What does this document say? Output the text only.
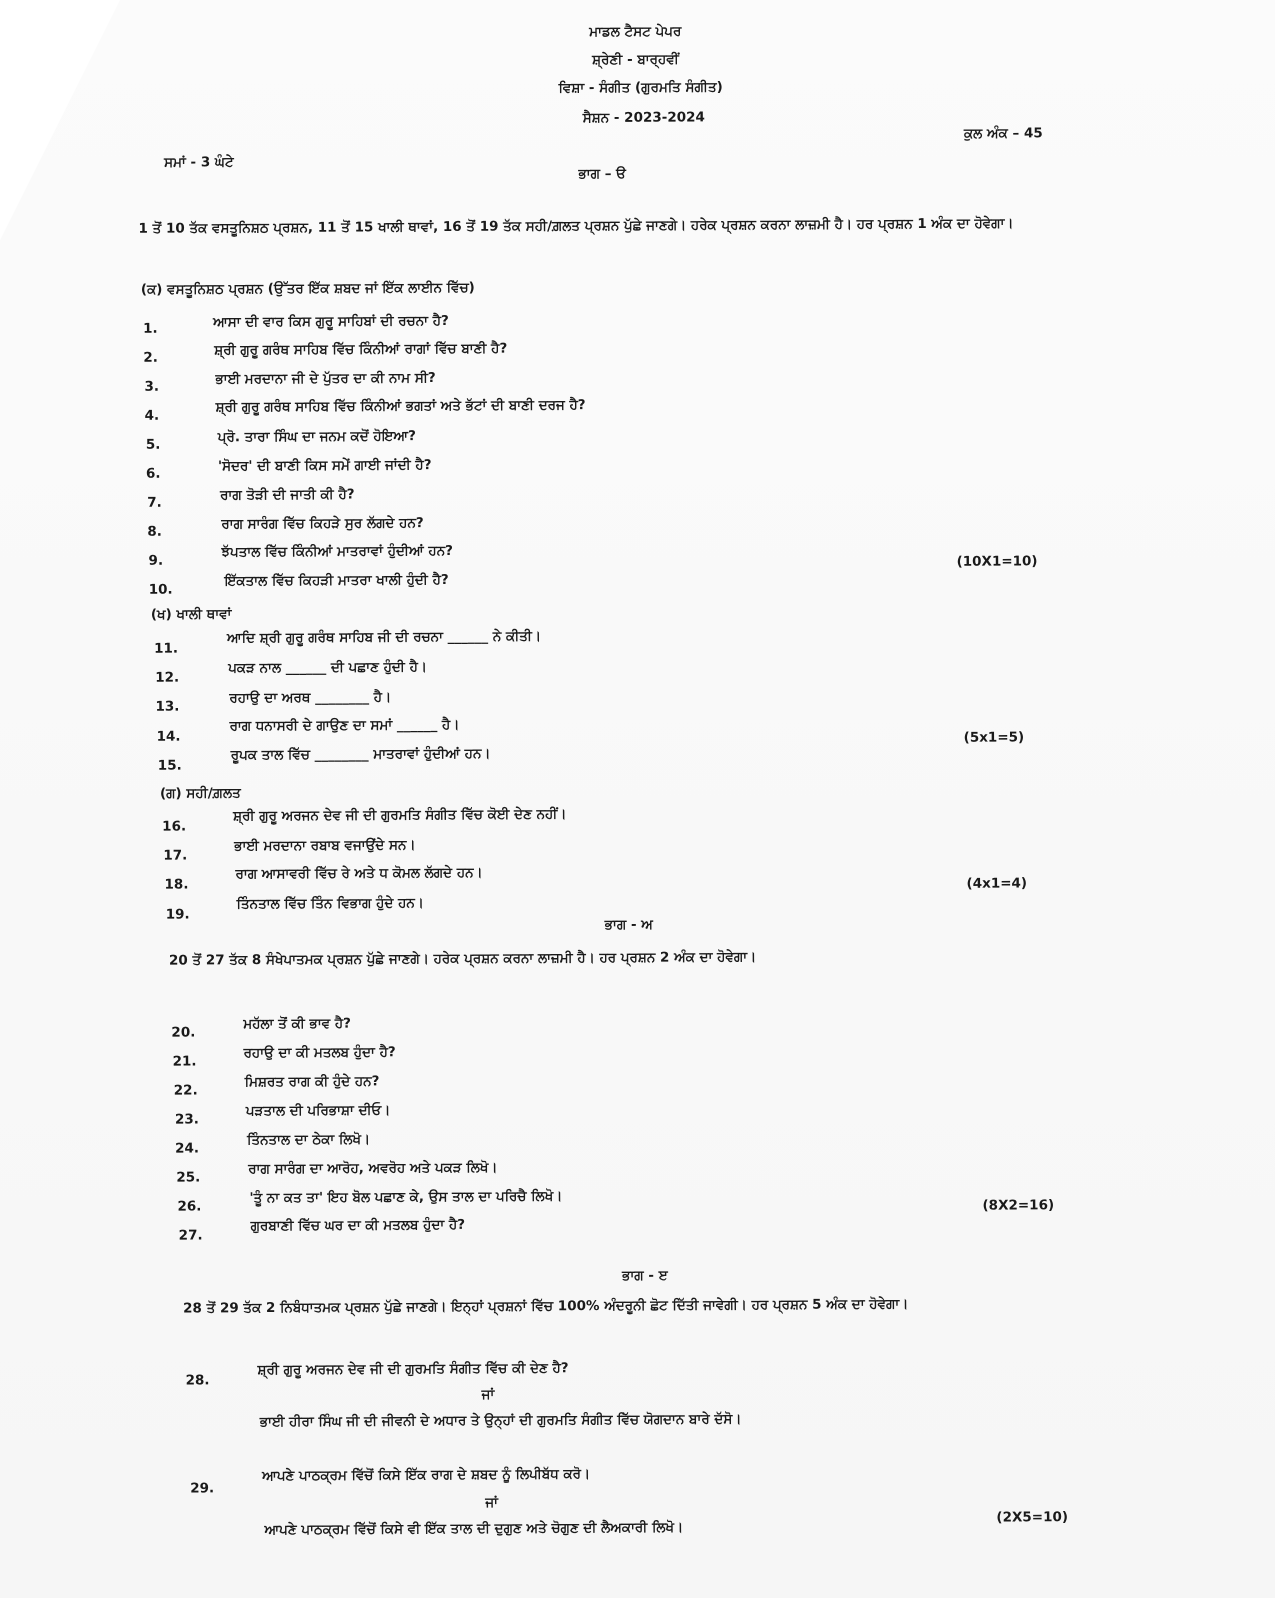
ਮਾਡਲ ਟੈਸਟ ਪੇਪਰ
ਸ਼੍ਰੇਣੀ - ਬਾਰ੍ਹਵੀਂ
ਵਿਸ਼ਾ - ਸੰਗੀਤ (ਗੁਰਮਤਿ ਸੰਗੀਤ)
ਸੈਸ਼ਨ - 2023-2024
ਕੁਲ ਅੰਕ – 45
ਸਮਾਂ - 3 ਘੰਟੇ
ਭਾਗ – ੳ
1 ਤੋਂ 10 ਤੱਕ ਵਸਤੂਨਿਸ਼ਠ ਪ੍ਰਸ਼ਨ, 11 ਤੋਂ 15 ਖਾਲੀ ਥਾਵਾਂ, 16 ਤੋਂ 19 ਤੱਕ ਸਹੀ/ਗ਼ਲਤ ਪ੍ਰਸ਼ਨ ਪੁੱਛੇ ਜਾਣਗੇ। ਹਰੇਕ ਪ੍ਰਸ਼ਨ ਕਰਨਾ ਲਾਜ਼ਮੀ ਹੈ। ਹਰ ਪ੍ਰਸ਼ਨ 1 ਅੰਕ ਦਾ ਹੋਵੇਗਾ।
(ਕ) ਵਸਤੂਨਿਸ਼ਠ ਪ੍ਰਸ਼ਨ (ਉੱਤਰ ਇੱਕ ਸ਼ਬਦ ਜਾਂ ਇੱਕ ਲਾਈਨ ਵਿੱਚ)
1.	ਆਸਾ ਦੀ ਵਾਰ ਕਿਸ ਗੁਰੂ ਸਾਹਿਬਾਂ ਦੀ ਰਚਨਾ ਹੈ?
2.	ਸ਼੍ਰੀ ਗੁਰੂ ਗਰੰਥ ਸਾਹਿਬ ਵਿੱਚ ਕਿੰਨੀਆਂ ਰਾਗਾਂ ਵਿੱਚ ਬਾਣੀ ਹੈ?
3.	ਭਾਈ ਮਰਦਾਨਾ ਜੀ ਦੇ ਪੁੱਤਰ ਦਾ ਕੀ ਨਾਮ ਸੀ?
4.
ਸ਼੍ਰੀ ਗੁਰੂ ਗਰੰਥ ਸਾਹਿਬ ਵਿੱਚ ਕਿੰਨੀਆਂ ਭਗਤਾਂ ਅਤੇ ਭੱਟਾਂ ਦੀ ਬਾਣੀ ਦਰਜ ਹੈ?
5.	ਪ੍ਰੋ. ਤਾਰਾ ਸਿੰਘ ਦਾ ਜਨਮ ਕਦੋਂ ਹੋਇਆ?
6.	'ਸੋਦਰ' ਦੀ ਬਾਣੀ ਕਿਸ ਸਮੇਂ ਗਾਈ ਜਾਂਦੀ ਹੈ?
7.	ਰਾਗ ਤੋੜੀ ਦੀ ਜਾਤੀ ਕੀ ਹੈ?
8.	ਰਾਗ ਸਾਰੰਗ ਵਿੱਚ ਕਿਹੜੇ ਸੁਰ ਲੱਗਦੇ ਹਨ?
9.
ਝੱਪਤਾਲ ਵਿੱਚ ਕਿੰਨੀਆਂ ਮਾਤਰਾਵਾਂ ਹੁੰਦੀਆਂ ਹਨ?
10.
ਇੱਕਤਾਲ ਵਿੱਚ ਕਿਹੜੀ ਮਾਤਰਾ ਖਾਲੀ ਹੁੰਦੀ ਹੈ?
(10X1=10)
(ਖ) ਖਾਲੀ ਥਾਵਾਂ
11.
ਆਦਿ ਸ਼੍ਰੀ ਗੁਰੂ ਗਰੰਥ ਸਾਹਿਬ ਜੀ ਦੀ ਰਚਨਾ ______ ਨੇ ਕੀਤੀ।
12.
ਪਕੜ ਨਾਲ ______ ਦੀ ਪਛਾਣ ਹੁੰਦੀ ਹੈ।
13.
ਰਹਾਉ ਦਾ ਅਰਥ ________ ਹੈ।
14.
ਰਾਗ ਧਨਾਸਰੀ ਦੇ ਗਾਉਣ ਦਾ ਸਮਾਂ ______ ਹੈ।
15.
ਰੂਪਕ ਤਾਲ ਵਿੱਚ ________ ਮਾਤਰਾਵਾਂ ਹੁੰਦੀਆਂ ਹਨ।
(5x1=5)
(ਗ) ਸਹੀ/ਗ਼ਲਤ
16.
ਸ਼੍ਰੀ ਗੁਰੂ ਅਰਜਨ ਦੇਵ ਜੀ ਦੀ ਗੁਰਮਤਿ ਸੰਗੀਤ ਵਿੱਚ ਕੋਈ ਦੇਣ ਨਹੀਂ।
17.
ਭਾਈ ਮਰਦਾਨਾ ਰਬਾਬ ਵਜਾਉਂਦੇ ਸਨ।
18.
ਰਾਗ ਆਸਾਵਰੀ ਵਿੱਚ ਰੇ ਅਤੇ ਧ ਕੋਮਲ ਲੱਗਦੇ ਹਨ।
19.
ਤਿੰਨਤਾਲ ਵਿੱਚ ਤਿੰਨ ਵਿਭਾਗ ਹੁੰਦੇ ਹਨ।
(4x1=4)
ਭਾਗ - ਅ
20 ਤੋਂ 27 ਤੱਕ 8 ਸੰਖੇਪਾਤਮਕ ਪ੍ਰਸ਼ਨ ਪੁੱਛੇ ਜਾਣਗੇ। ਹਰੇਕ ਪ੍ਰਸ਼ਨ ਕਰਨਾ ਲਾਜ਼ਮੀ ਹੈ। ਹਰ ਪ੍ਰਸ਼ਨ 2 ਅੰਕ ਦਾ ਹੋਵੇਗਾ।
20.
ਮਹੱਲਾ ਤੋਂ ਕੀ ਭਾਵ ਹੈ?
21.
ਰਹਾਉ ਦਾ ਕੀ ਮਤਲਬ ਹੁੰਦਾ ਹੈ?
22.
ਮਿਸ਼ਰਤ ਰਾਗ ਕੀ ਹੁੰਦੇ ਹਨ?
23.
ਪੜਤਾਲ ਦੀ ਪਰਿਭਾਸ਼ਾ ਦੀਓ।
24.
ਤਿੰਨਤਾਲ ਦਾ ਠੇਕਾ ਲਿਖੋ।
25.
ਰਾਗ ਸਾਰੰਗ ਦਾ ਆਰੋਹ, ਅਵਰੋਹ ਅਤੇ ਪਕੜ ਲਿਖੋ।
26.
'ਤੂੰ ਨਾ ਕਤ ਤਾ' ਇਹ ਬੋਲ ਪਛਾਣ ਕੇ, ਉਸ ਤਾਲ ਦਾ ਪਰਿਚੈ ਲਿਖੋ।
27.
ਗੁਰਬਾਣੀ ਵਿੱਚ ਘਰ ਦਾ ਕੀ ਮਤਲਬ ਹੁੰਦਾ ਹੈ?
(8X2=16)
ਭਾਗ - ੲ
28 ਤੋਂ 29 ਤੱਕ 2 ਨਿਬੰਧਾਤਮਕ ਪ੍ਰਸ਼ਨ ਪੁੱਛੇ ਜਾਣਗੇ। ਇਨ੍ਹਾਂ ਪ੍ਰਸ਼ਨਾਂ ਵਿੱਚ 100% ਅੰਦਰੂਨੀ ਛੋਟ ਦਿੱਤੀ ਜਾਵੇਗੀ। ਹਰ ਪ੍ਰਸ਼ਨ 5 ਅੰਕ ਦਾ ਹੋਵੇਗਾ।
28.
ਸ਼੍ਰੀ ਗੁਰੂ ਅਰਜਨ ਦੇਵ ਜੀ ਦੀ ਗੁਰਮਤਿ ਸੰਗੀਤ ਵਿੱਚ ਕੀ ਦੇਣ ਹੈ?
ਜਾਂ
ਭਾਈ ਹੀਰਾ ਸਿੰਘ ਜੀ ਦੀ ਜੀਵਨੀ ਦੇ ਅਧਾਰ ਤੇ ਉਨ੍ਹਾਂ ਦੀ ਗੁਰਮਤਿ ਸੰਗੀਤ ਵਿੱਚ ਯੋਗਦਾਨ ਬਾਰੇ ਦੱਸੋ।
29.
ਆਪਣੇ ਪਾਠਕ੍ਰਮ ਵਿੱਚੋਂ ਕਿਸੇ ਇੱਕ ਰਾਗ ਦੇ ਸ਼ਬਦ ਨੂੰ ਲਿਪੀਬੱਧ ਕਰੋ।
ਜਾਂ
ਆਪਣੇ ਪਾਠਕ੍ਰਮ ਵਿੱਚੋਂ ਕਿਸੇ ਵੀ ਇੱਕ ਤਾਲ ਦੀ ਦੁਗੁਣ ਅਤੇ ਚੋਗੁਣ ਦੀ ਲੈਅਕਾਰੀ ਲਿਖੋ।
(2X5=10)
